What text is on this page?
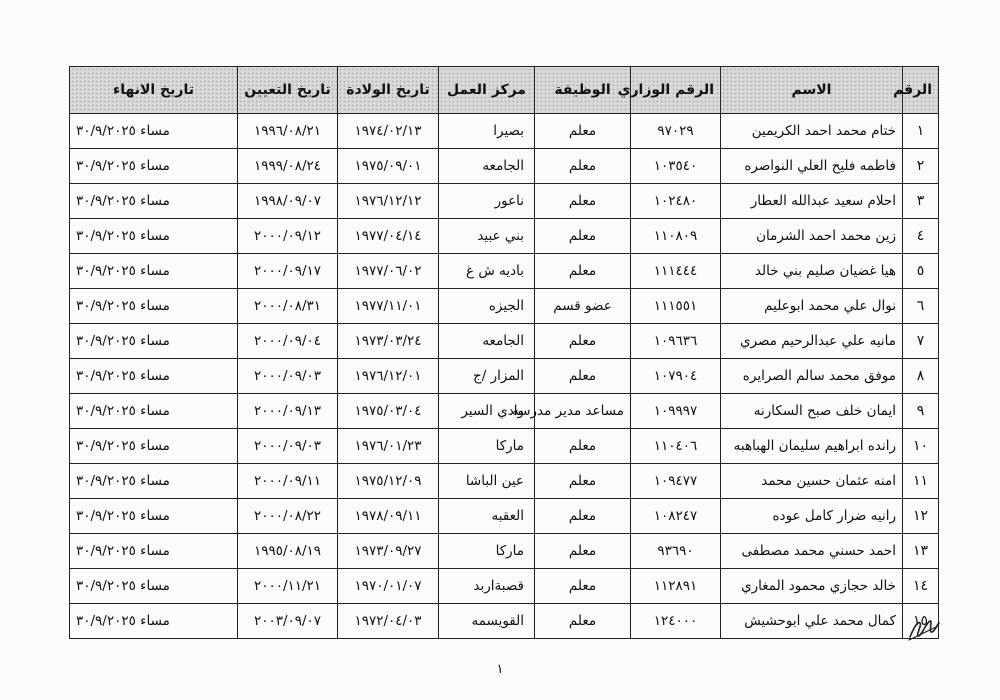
الرقم	الاسم	الرقم الوزاري	الوظيفة	مركز العمل	تاريخ الولادة	تاريخ التعيين	تاريخ الانهاء
١	ختام محمد احمد الكريمين	٩٧٠٢٩	معلم	بصيرا	١٩٧٤/٠٢/١٣	١٩٩٦/٠٨/٢١	مساء ٣٠/٩/٢٠٢٥
٢	فاطمه فليح العلي النواصره	١٠٣٥٤٠	معلم	الجامعه	١٩٧٥/٠٩/٠١	١٩٩٩/٠٨/٢٤	مساء ٣٠/٩/٢٠٢٥
٣	احلام سعيد عبدالله العطار	١٠٢٤٨٠	معلم	ناعور	١٩٧٦/١٢/١٢	١٩٩٨/٠٩/٠٧	مساء ٣٠/٩/٢٠٢٥
٤	زين محمد احمد الشرمان	١١٠٨٠٩	معلم	بني عبيد	١٩٧٧/٠٤/١٤	٢٠٠٠/٠٩/١٢	مساء ٣٠/٩/٢٠٢٥
٥	هيا غضيان صليم بني خالد	١١١٤٤٤	معلم	باديه ش غ	١٩٧٧/٠٦/٠٢	٢٠٠٠/٠٩/١٧	مساء ٣٠/٩/٢٠٢٥
٦	نوال علي محمد ابوعليم	١١١٥٥١	عضو قسم	الجيزه	١٩٧٧/١١/٠١	٢٠٠٠/٠٨/٣١	مساء ٣٠/٩/٢٠٢٥
٧	مانيه علي عبدالرحيم مصري	١٠٩٦٣٦	معلم	الجامعه	١٩٧٣/٠٣/٢٤	٢٠٠٠/٠٩/٠٤	مساء ٣٠/٩/٢٠٢٥
٨	موفق محمد سالم الصرايره	١٠٧٩٠٤	معلم	المزار /ج	١٩٧٦/١٢/٠١	٢٠٠٠/٠٩/٠٣	مساء ٣٠/٩/٢٠٢٥
٩	ايمان خلف صبح السكارنه	١٠٩٩٩٧	مساعد مدير مدرسه	وادي السير	١٩٧٥/٠٣/٠٤	٢٠٠٠/٠٩/١٣	مساء ٣٠/٩/٢٠٢٥
١٠	رانده ابراهيم سليمان الهباهبه	١١٠٤٠٦	معلم	ماركا	١٩٧٦/٠١/٢٣	٢٠٠٠/٠٩/٠٣	مساء ٣٠/٩/٢٠٢٥
١١	امنه عثمان حسين محمد	١٠٩٤٧٧	معلم	عين الباشا	١٩٧٥/١٢/٠٩	٢٠٠٠/٠٩/١١	مساء ٣٠/٩/٢٠٢٥
١٢	رانيه ضرار كامل عوده	١٠٨٢٤٧	معلم	العقبه	١٩٧٨/٠٩/١١	٢٠٠٠/٠٨/٢٢	مساء ٣٠/٩/٢٠٢٥
١٣	احمد حسني محمد مصطفى	٩٣٦٩٠	معلم	ماركا	١٩٧٣/٠٩/٢٧	١٩٩٥/٠٨/١٩	مساء ٣٠/٩/٢٠٢٥
١٤	خالد حجازي محمود المغاري	١١٢٨٩١	معلم	قصبةاربد	١٩٧٠/٠١/٠٧	٢٠٠٠/١١/٢١	مساء ٣٠/٩/٢٠٢٥
١٥	كمال محمد علي ابوحشيش	١٢٤٠٠٠	معلم	القويسمه	١٩٧٢/٠٤/٠٣	٢٠٠٣/٠٩/٠٧	مساء ٣٠/٩/٢٠٢٥
١
